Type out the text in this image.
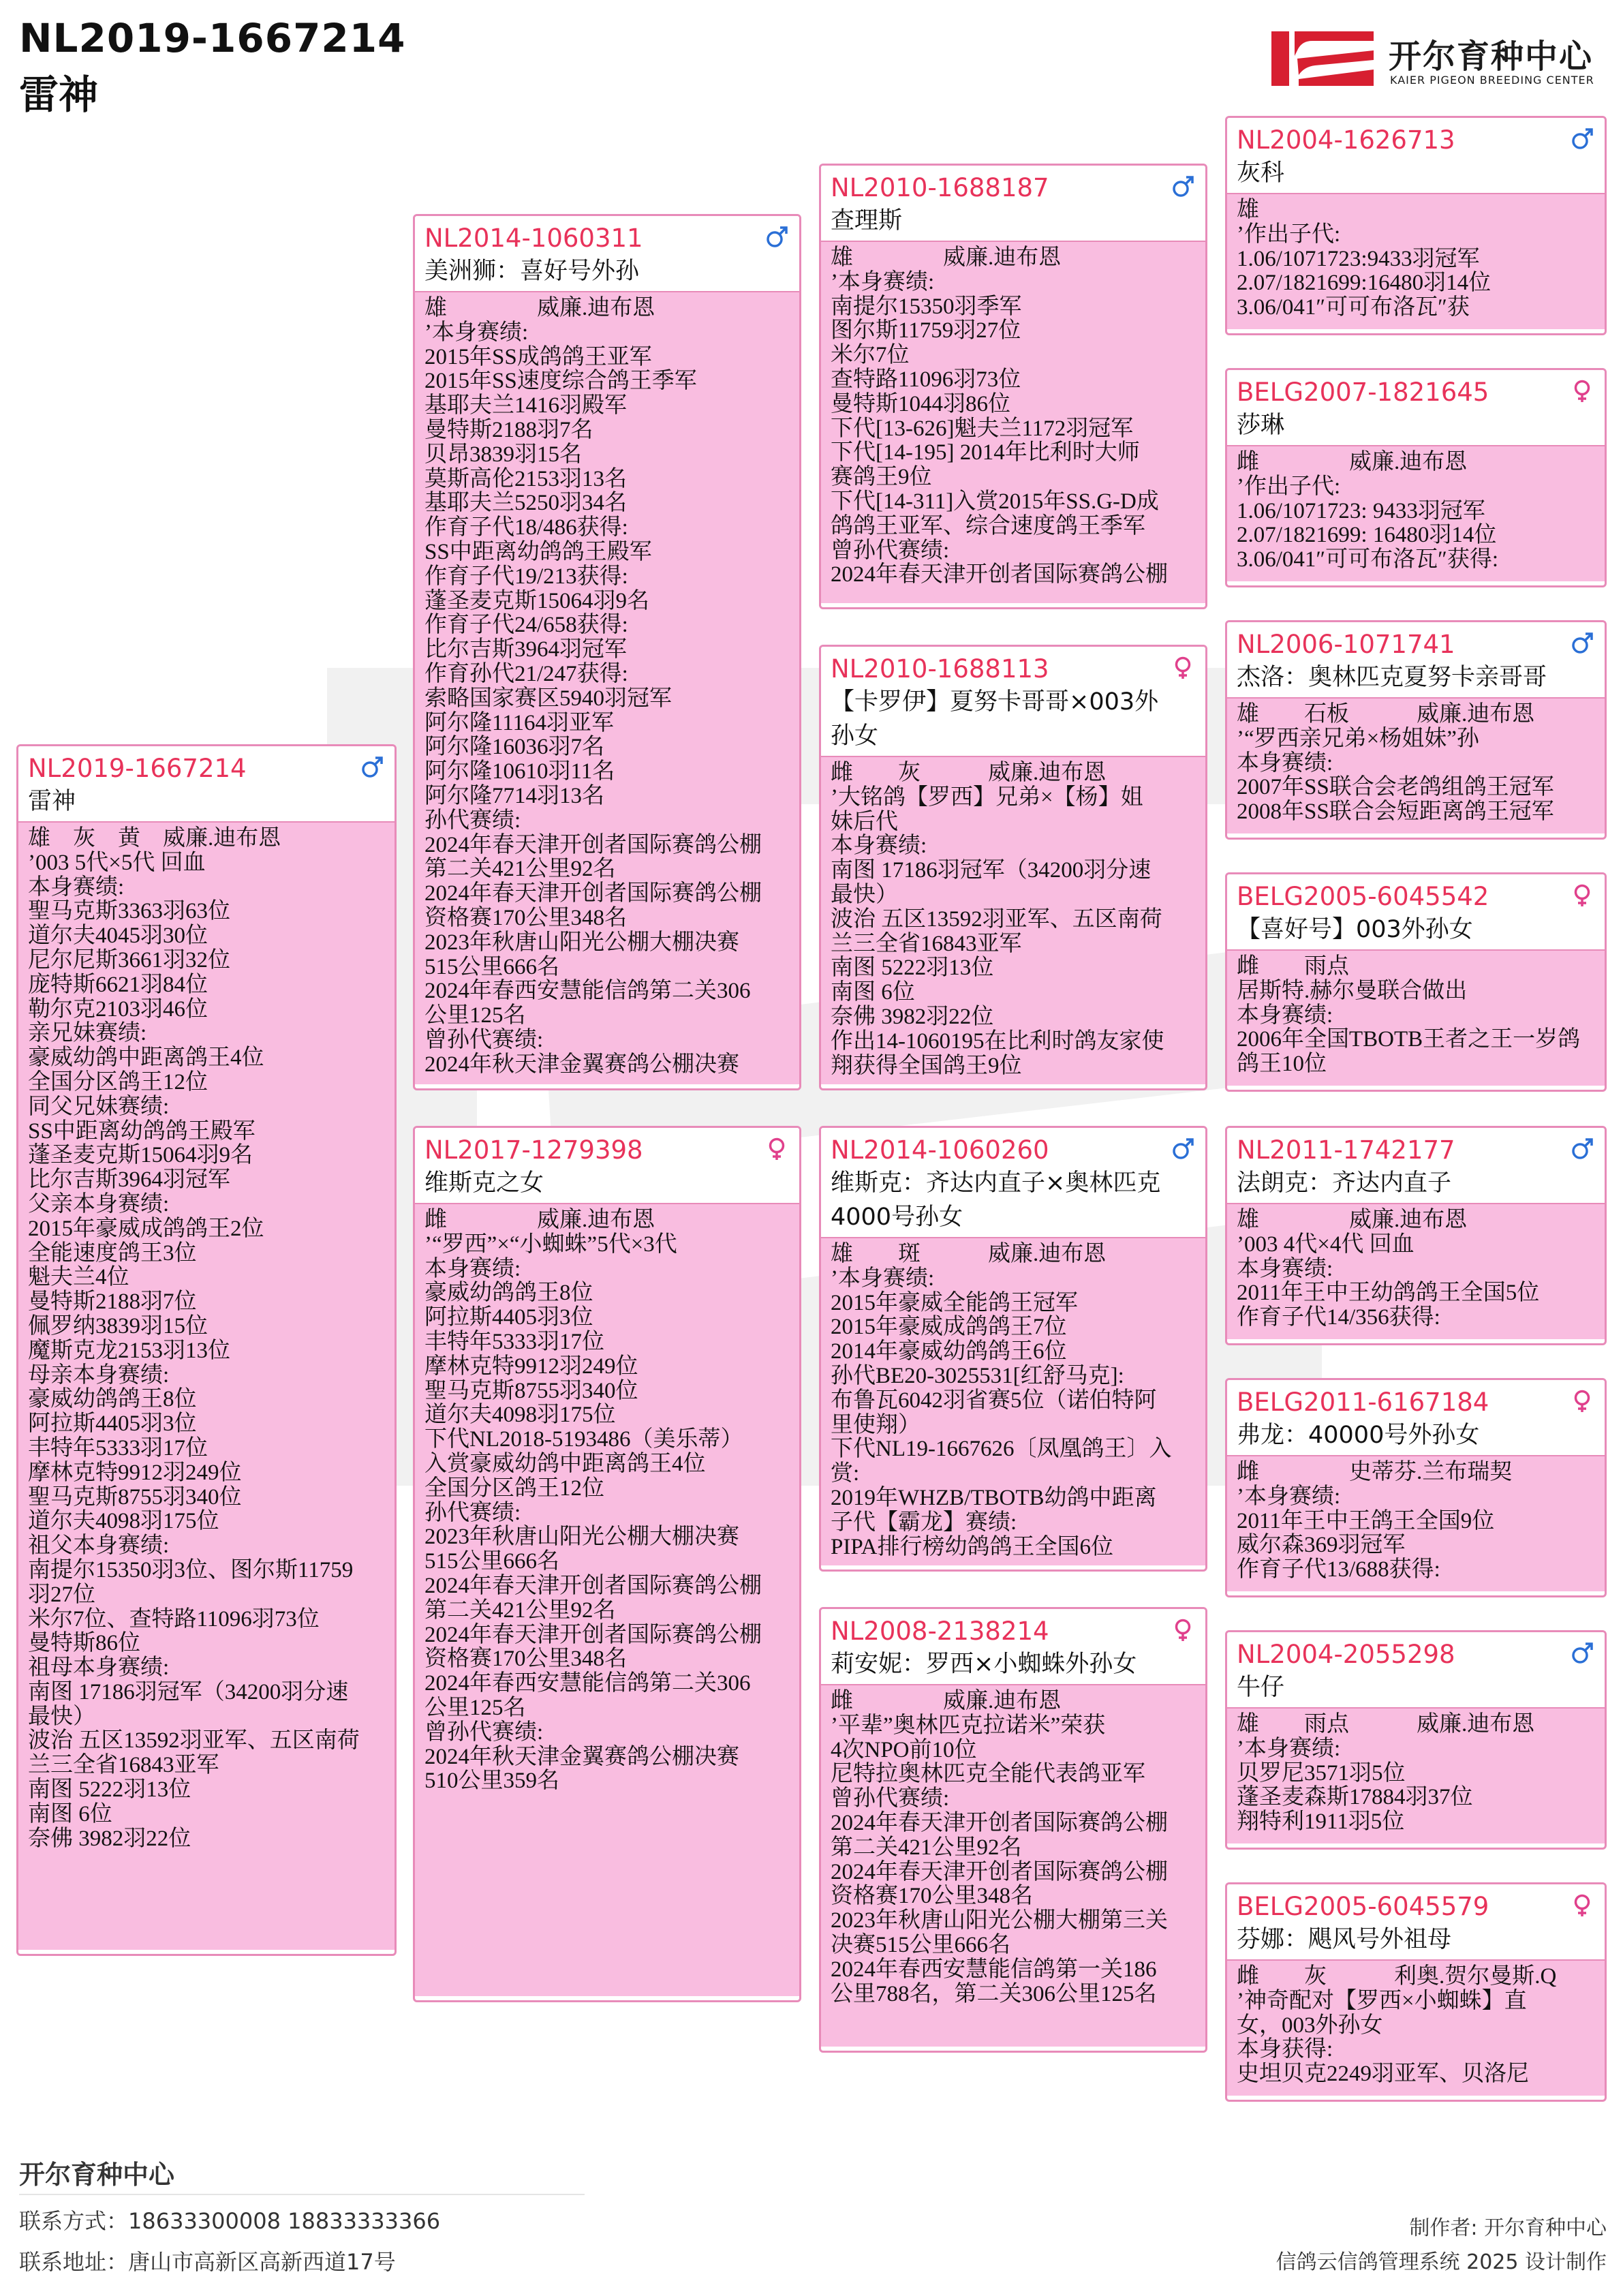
NL2019-1667214
雷神
开尔育种中心
KAIER PIGEON BREEDING CENTER
NL2019-1667214
雷神
雄　灰　黄　威廉.迪布恩
’003 5代×5代 回血
本身赛绩:
聖马克斯3363羽63位
道尔夫4045羽30位
尼尔尼斯3661羽32位
庞特斯6621羽84位
勒尔克2103羽46位
亲兄妹赛绩:
豪威幼鸽中距离鸽王4位
全国分区鸽王12位
同父兄妹赛绩:
SS中距离幼鸽鸽王殿军
蓬圣麦克斯15064羽9名
比尔吉斯3964羽冠军
父亲本身赛绩:
2015年豪威成鸽鸽王2位
全能速度鸽王3位
魁夫兰4位
曼特斯2188羽7位
佩罗纳3839羽15位
魔斯克龙2153羽13位
母亲本身赛绩:
豪威幼鸽鸽王8位
阿拉斯4405羽3位
丰特年5333羽17位
摩林克特9912羽249位
聖马克斯8755羽340位
道尔夫4098羽175位
祖父本身赛绩:
南提尔15350羽3位、图尔斯11759
羽27位
米尔7位、查特路11096羽73位
曼特斯86位
祖母本身赛绩:
南图 17186羽冠军（34200羽分速
最快）
波治 五区13592羽亚军、五区南荷
兰三全省16843亚军
南图 5222羽13位
南图 6位
奈佛 3982羽22位
NL2014-1060311
美洲狮：喜好号外孙
雄　　　　威廉.迪布恩
’本身赛绩:
2015年SS成鸽鸽王亚军
2015年SS速度综合鸽王季军
基耶夫兰1416羽殿军
曼特斯2188羽7名
贝昂3839羽15名
莫斯高伦2153羽13名
基耶夫兰5250羽34名
作育子代18/486获得:
SS中距离幼鸽鸽王殿军
作育子代19/213获得:
蓬圣麦克斯15064羽9名
作育子代24/658获得:
比尔吉斯3964羽冠军
作育孙代21/247获得:
索略国家赛区5940羽冠军
阿尔隆11164羽亚军
阿尔隆16036羽7名
阿尔隆10610羽11名
阿尔隆7714羽13名
孙代赛绩:
2024年春天津开创者国际赛鸽公棚
第二关421公里92名
2024年春天津开创者国际赛鸽公棚
资格赛170公里348名
2023年秋唐山阳光公棚大棚决赛
515公里666名
2024年春西安慧能信鸽第二关306
公里125名
曾孙代赛绩:
2024年秋天津金翼赛鸽公棚决赛
NL2017-1279398
维斯克之女
雌　　　　威廉.迪布恩
’“罗西”×“小蜘蛛”5代×3代
本身赛绩:
豪威幼鸽鸽王8位
阿拉斯4405羽3位
丰特年5333羽17位
摩林克特9912羽249位
聖马克斯8755羽340位
道尔夫4098羽175位
下代NL2018-5193486（美乐蒂）
入赏豪威幼鸽中距离鸽王4位
全国分区鸽王12位
孙代赛绩:
2023年秋唐山阳光公棚大棚决赛
515公里666名
2024年春天津开创者国际赛鸽公棚
第二关421公里92名
2024年春天津开创者国际赛鸽公棚
资格赛170公里348名
2024年春西安慧能信鸽第二关306
公里125名
曾孙代赛绩:
2024年秋天津金翼赛鸽公棚决赛
510公里359名
NL2010-1688187
查理斯
雄　　　　威廉.迪布恩
’本身赛绩:
南提尔15350羽季军
图尔斯11759羽27位
米尔7位
查特路11096羽73位
曼特斯1044羽86位
下代[13-626]魁夫兰1172羽冠军
下代[14-195] 2014年比利时大师
赛鸽王9位
下代[14-311]入赏2015年SS.G-D成
鸽鸽王亚军、综合速度鸽王季军
曾孙代赛绩:
2024年春天津开创者国际赛鸽公棚
NL2010-1688113
【卡罗伊】夏努卡哥哥×003外孙女
雌　　灰　　　威廉.迪布恩
’大铭鸽【罗西】兄弟×【杨】姐
妹后代
本身赛绩:
南图 17186羽冠军（34200羽分速
最快）
波治 五区13592羽亚军、五区南荷
兰三全省16843亚军
南图 5222羽13位
南图 6位
奈佛 3982羽22位
作出14-1060195在比利时鸽友家使
翔获得全国鸽王9位
NL2014-1060260
维斯克：齐达内直子×奥林匹克4000号孙女
雄　　斑　　　威廉.迪布恩
’本身赛绩:
2015年豪威全能鸽王冠军
2015年豪威成鸽鸽王7位
2014年豪威幼鸽鸽王6位
孙代BE20-3025531[红舒马克]:
布鲁瓦6042羽省赛5位（诺伯特阿
里使翔）
下代NL19-1667626〔凤凰鸽王〕入
赏:
2019年WHZB/TBOTB幼鸽中距离
子代【霸龙】赛绩:
PIPA排行榜幼鸽鸽王全国6位
NL2008-2138214
莉安妮：罗西×小蜘蛛外孙女
雌　　　　威廉.迪布恩
’平辈”奥林匹克拉诺米”荣获
4次NPO前10位
尼特拉奥林匹克全能代表鸽亚军
曾孙代赛绩:
2024年春天津开创者国际赛鸽公棚
第二关421公里92名
2024年春天津开创者国际赛鸽公棚
资格赛170公里348名
2023年秋唐山阳光公棚大棚第三关
决赛515公里666名
2024年春西安慧能信鸽第一关186
公里788名，第二关306公里125名
NL2004-1626713
灰科
雄
’作出子代:
1.06/1071723:9433羽冠军
2.07/1821699:16480羽14位
3.06/041″可可布洛瓦″获
BELG2007-1821645
莎琳
雌　　　　威廉.迪布恩
’作出子代:
1.06/1071723: 9433羽冠军
2.07/1821699: 16480羽14位
3.06/041″可可布洛瓦″获得:
NL2006-1071741
杰洛：奥林匹克夏努卡亲哥哥
雄　　石板　　　威廉.迪布恩
’“罗西亲兄弟×杨姐妹”孙
本身赛绩:
2007年SS联合会老鸽组鸽王冠军
2008年SS联合会短距离鸽王冠军
BELG2005-6045542
【喜好号】003外孙女
雌　　雨点
居斯特.赫尔曼联合做出
本身赛绩:
2006年全国TBOTB王者之王一岁鸽
鸽王10位
NL2011-1742177
法朗克：齐达内直子
雄　　　　威廉.迪布恩
’003 4代×4代 回血
本身赛绩:
2011年王中王幼鸽鸽王全国5位
作育子代14/356获得:
BELG2011-6167184
弗龙：40000号外孙女
雌　　　　史蒂芬.兰布瑞契
’本身赛绩:
2011年王中王鸽王全国9位
威尔森369羽冠军
作育子代13/688获得:
NL2004-2055298
牛仔
雄　　雨点　　　威廉.迪布恩
’本身赛绩:
贝罗尼3571羽5位
蓬圣麦森斯17884羽37位
翔特利1911羽5位
BELG2005-6045579
芬娜：飓风号外祖母
雌　　灰　　　利奥.贺尔曼斯.Q
’神奇配对【罗西×小蜘蛛】直
女，003外孙女
本身获得:
史坦贝克2249羽亚军、贝洛尼
开尔育种中心
联系方式：18633300008 18833333366
联系地址：唐山市高新区高新西道17号
制作者: 开尔育种中心
信鸽云信鸽管理系统 2025 设计制作
